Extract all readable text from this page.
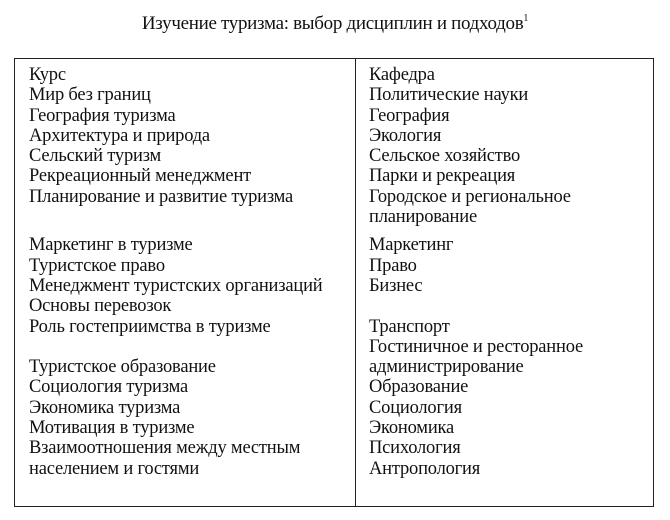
Изучение туризма: выбор дисциплин и подходов$^1$
Курс
Мир без границ
География туризма
Архитектура и природа
Сельский туризм
Рекреационный менеджмент
Планирование и развитие туризма
Маркетинг в туризме
Туристское право
Менеджмент туристских организаций
Основы перевозок
Роль гостеприимства в туризме
Туристское образование
Социология туризма
Экономика туризма
Мотивация в туризме
Взаимоотношения между местным населением и гостями
Кафедра
Политические науки
География
Экология
Сельское хозяйство
Парки и рекреация
Городское и региональное планирование
Маркетинг
Право
Бизнес
Транспорт
Гостиничное и ресторанное администрирование
Образование
Социология
Экономика
Психология
Антропология
